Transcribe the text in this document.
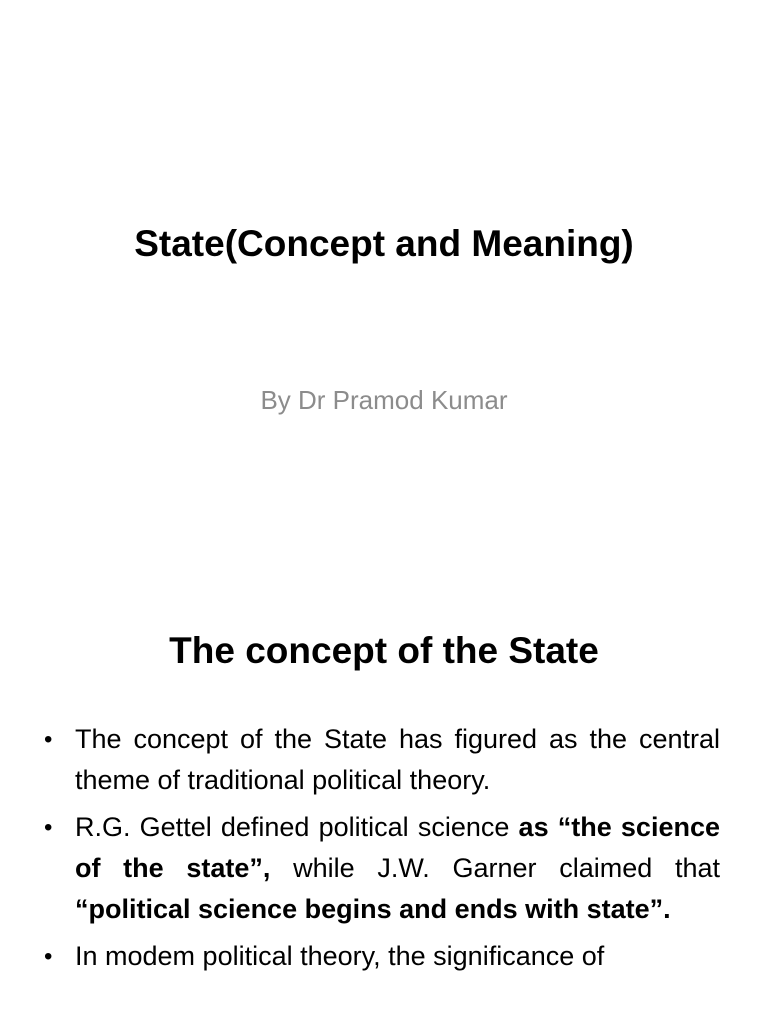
State(Concept and Meaning)

By Dr Pramod Kumar

The concept of the State
• The concept of the State has figured as the central theme of traditional political theory.
• R.G. Gettel defined political science as “the science of the state”, while J.W. Garner claimed that “political science begins and ends with state”.
• In modem political theory, the significance of
